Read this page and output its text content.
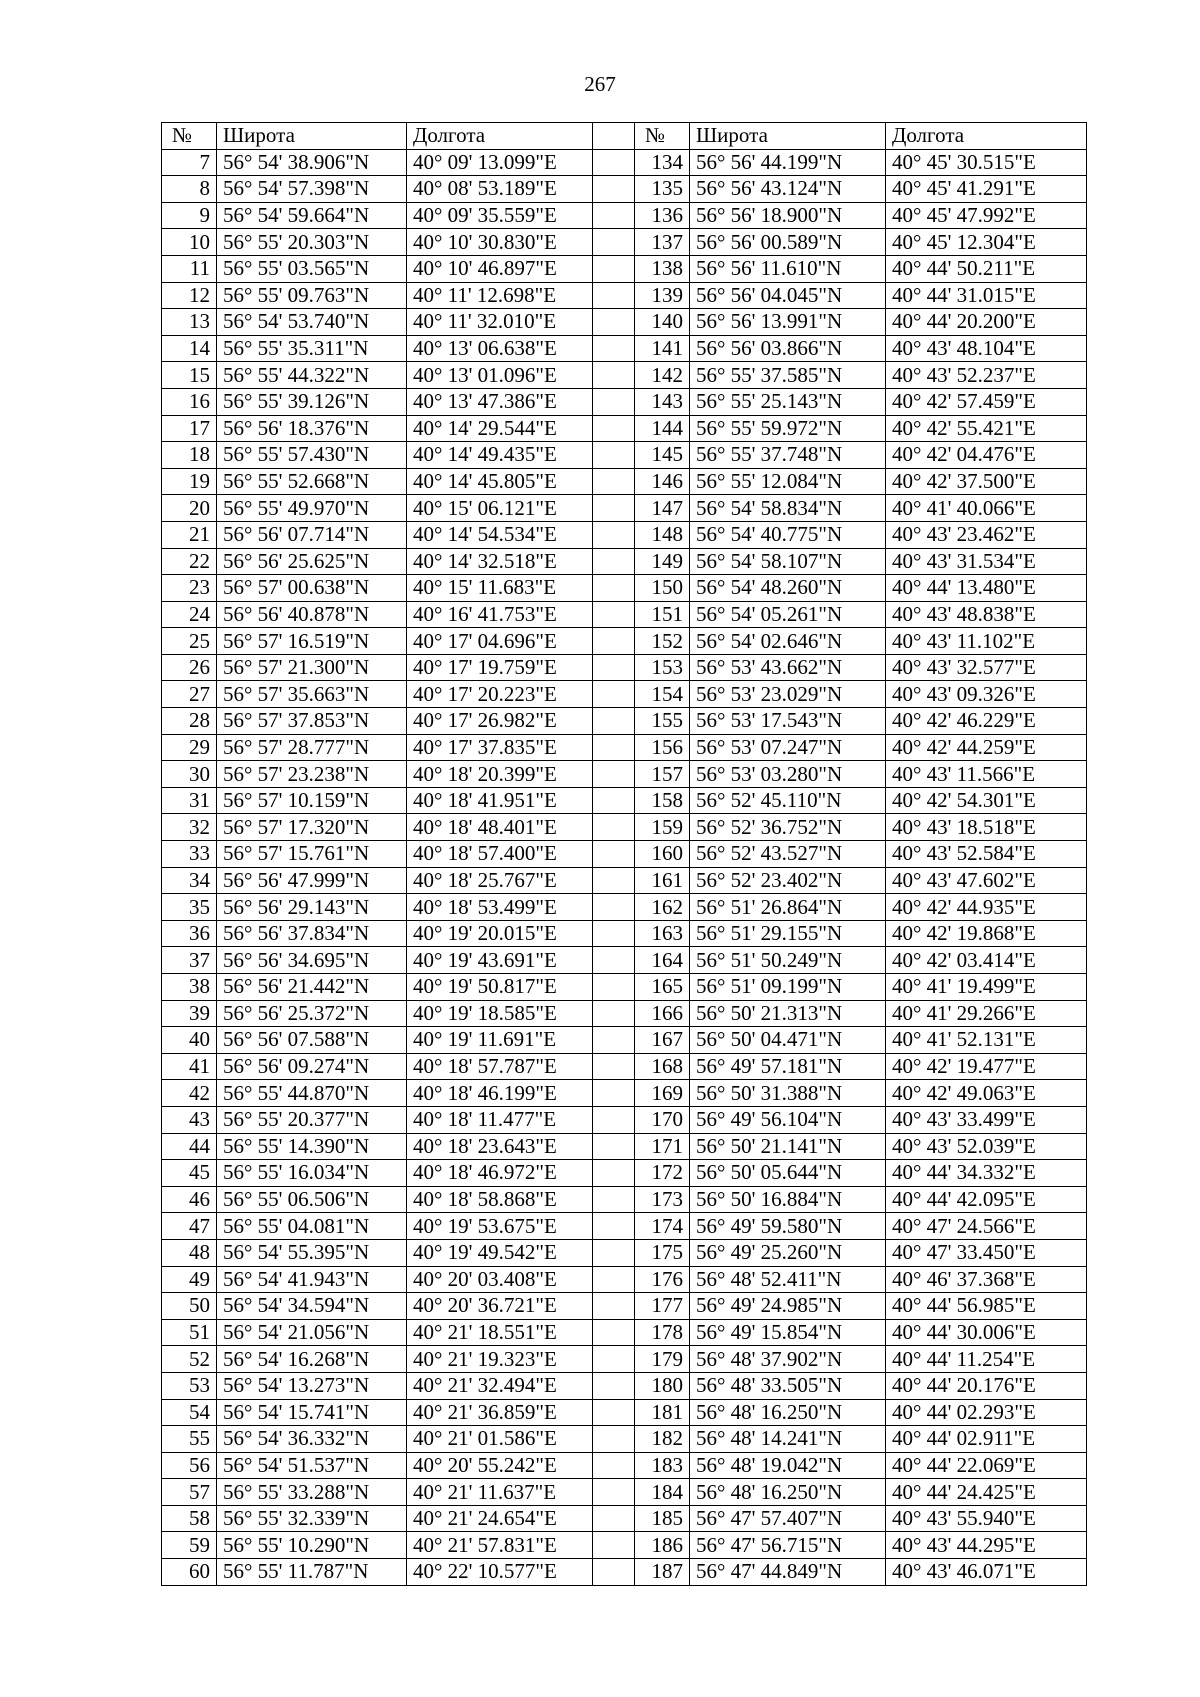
267
№	Широта	Долгота		№	Широта	Долгота
7	56° 54' 38.906"N	40° 09' 13.099"E		134	56° 56' 44.199"N	40° 45' 30.515"E
8	56° 54' 57.398"N	40° 08' 53.189"E		135	56° 56' 43.124"N	40° 45' 41.291"E
9	56° 54' 59.664"N	40° 09' 35.559"E		136	56° 56' 18.900"N	40° 45' 47.992"E
10	56° 55' 20.303"N	40° 10' 30.830"E		137	56° 56' 00.589"N	40° 45' 12.304"E
11	56° 55' 03.565"N	40° 10' 46.897"E		138	56° 56' 11.610"N	40° 44' 50.211"E
12	56° 55' 09.763"N	40° 11' 12.698"E		139	56° 56' 04.045"N	40° 44' 31.015"E
13	56° 54' 53.740"N	40° 11' 32.010"E		140	56° 56' 13.991"N	40° 44' 20.200"E
14	56° 55' 35.311"N	40° 13' 06.638"E		141	56° 56' 03.866"N	40° 43' 48.104"E
15	56° 55' 44.322"N	40° 13' 01.096"E		142	56° 55' 37.585"N	40° 43' 52.237"E
16	56° 55' 39.126"N	40° 13' 47.386"E		143	56° 55' 25.143"N	40° 42' 57.459"E
17	56° 56' 18.376"N	40° 14' 29.544"E		144	56° 55' 59.972"N	40° 42' 55.421"E
18	56° 55' 57.430"N	40° 14' 49.435"E		145	56° 55' 37.748"N	40° 42' 04.476"E
19	56° 55' 52.668"N	40° 14' 45.805"E		146	56° 55' 12.084"N	40° 42' 37.500"E
20	56° 55' 49.970"N	40° 15' 06.121"E		147	56° 54' 58.834"N	40° 41' 40.066"E
21	56° 56' 07.714"N	40° 14' 54.534"E		148	56° 54' 40.775"N	40° 43' 23.462"E
22	56° 56' 25.625"N	40° 14' 32.518"E		149	56° 54' 58.107"N	40° 43' 31.534"E
23	56° 57' 00.638"N	40° 15' 11.683"E		150	56° 54' 48.260"N	40° 44' 13.480"E
24	56° 56' 40.878"N	40° 16' 41.753"E		151	56° 54' 05.261"N	40° 43' 48.838"E
25	56° 57' 16.519"N	40° 17' 04.696"E		152	56° 54' 02.646"N	40° 43' 11.102"E
26	56° 57' 21.300"N	40° 17' 19.759"E		153	56° 53' 43.662"N	40° 43' 32.577"E
27	56° 57' 35.663"N	40° 17' 20.223"E		154	56° 53' 23.029"N	40° 43' 09.326"E
28	56° 57' 37.853"N	40° 17' 26.982"E		155	56° 53' 17.543"N	40° 42' 46.229"E
29	56° 57' 28.777"N	40° 17' 37.835"E		156	56° 53' 07.247"N	40° 42' 44.259"E
30	56° 57' 23.238"N	40° 18' 20.399"E		157	56° 53' 03.280"N	40° 43' 11.566"E
31	56° 57' 10.159"N	40° 18' 41.951"E		158	56° 52' 45.110"N	40° 42' 54.301"E
32	56° 57' 17.320"N	40° 18' 48.401"E		159	56° 52' 36.752"N	40° 43' 18.518"E
33	56° 57' 15.761"N	40° 18' 57.400"E		160	56° 52' 43.527"N	40° 43' 52.584"E
34	56° 56' 47.999"N	40° 18' 25.767"E		161	56° 52' 23.402"N	40° 43' 47.602"E
35	56° 56' 29.143"N	40° 18' 53.499"E		162	56° 51' 26.864"N	40° 42' 44.935"E
36	56° 56' 37.834"N	40° 19' 20.015"E		163	56° 51' 29.155"N	40° 42' 19.868"E
37	56° 56' 34.695"N	40° 19' 43.691"E		164	56° 51' 50.249"N	40° 42' 03.414"E
38	56° 56' 21.442"N	40° 19' 50.817"E		165	56° 51' 09.199"N	40° 41' 19.499"E
39	56° 56' 25.372"N	40° 19' 18.585"E		166	56° 50' 21.313"N	40° 41' 29.266"E
40	56° 56' 07.588"N	40° 19' 11.691"E		167	56° 50' 04.471"N	40° 41' 52.131"E
41	56° 56' 09.274"N	40° 18' 57.787"E		168	56° 49' 57.181"N	40° 42' 19.477"E
42	56° 55' 44.870"N	40° 18' 46.199"E		169	56° 50' 31.388"N	40° 42' 49.063"E
43	56° 55' 20.377"N	40° 18' 11.477"E		170	56° 49' 56.104"N	40° 43' 33.499"E
44	56° 55' 14.390"N	40° 18' 23.643"E		171	56° 50' 21.141"N	40° 43' 52.039"E
45	56° 55' 16.034"N	40° 18' 46.972"E		172	56° 50' 05.644"N	40° 44' 34.332"E
46	56° 55' 06.506"N	40° 18' 58.868"E		173	56° 50' 16.884"N	40° 44' 42.095"E
47	56° 55' 04.081"N	40° 19' 53.675"E		174	56° 49' 59.580"N	40° 47' 24.566"E
48	56° 54' 55.395"N	40° 19' 49.542"E		175	56° 49' 25.260"N	40° 47' 33.450"E
49	56° 54' 41.943"N	40° 20' 03.408"E		176	56° 48' 52.411"N	40° 46' 37.368"E
50	56° 54' 34.594"N	40° 20' 36.721"E		177	56° 49' 24.985"N	40° 44' 56.985"E
51	56° 54' 21.056"N	40° 21' 18.551"E		178	56° 49' 15.854"N	40° 44' 30.006"E
52	56° 54' 16.268"N	40° 21' 19.323"E		179	56° 48' 37.902"N	40° 44' 11.254"E
53	56° 54' 13.273"N	40° 21' 32.494"E		180	56° 48' 33.505"N	40° 44' 20.176"E
54	56° 54' 15.741"N	40° 21' 36.859"E		181	56° 48' 16.250"N	40° 44' 02.293"E
55	56° 54' 36.332"N	40° 21' 01.586"E		182	56° 48' 14.241"N	40° 44' 02.911"E
56	56° 54' 51.537"N	40° 20' 55.242"E		183	56° 48' 19.042"N	40° 44' 22.069"E
57	56° 55' 33.288"N	40° 21' 11.637"E		184	56° 48' 16.250"N	40° 44' 24.425"E
58	56° 55' 32.339"N	40° 21' 24.654"E		185	56° 47' 57.407"N	40° 43' 55.940"E
59	56° 55' 10.290"N	40° 21' 57.831"E		186	56° 47' 56.715"N	40° 43' 44.295"E
60	56° 55' 11.787"N	40° 22' 10.577"E		187	56° 47' 44.849"N	40° 43' 46.071"E
